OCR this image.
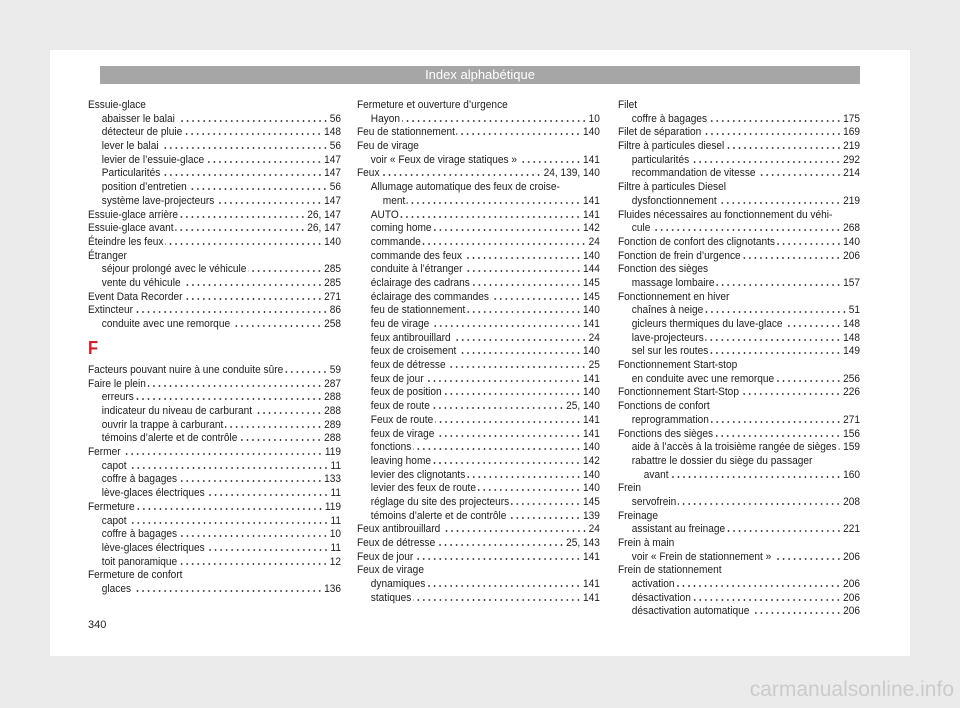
Index alphabétique
Essuie-glace
abaisser le balai	56
détecteur de pluie	148
lever le balai	56
levier de l’essuie-glace	147
Particularités	147
position d’entretien	56
système lave-projecteurs	147
Essuie-glace arrière	26, 147
Essuie-glace avant	26, 147
Éteindre les feux	140
Étranger
séjour prolongé avec le véhicule	285
vente du véhicule	285
Event Data Recorder	271
Extincteur	86
conduite avec une remorque	258
F
Facteurs pouvant nuire à une conduite sûre	59
Faire le plein	287
erreurs	288
indicateur du niveau de carburant	288
ouvrir la trappe à carburant	289
témoins d’alerte et de contrôle	288
Fermer	119
capot	11
coffre à bagages	133
lève-glaces électriques	11
Fermeture	119
capot	11
coffre à bagages	10
lève-glaces électriques	11
toit panoramique	12
Fermeture de confort
glaces	136
Fermeture et ouverture d’urgence
Hayon	10
Feu de stationnement	140
Feu de virage
voir « Feux de virage statiques »	141
Feux	24, 139, 140
Allumage automatique des feux de croise-
ment	141
AUTO	141
coming home	142
commande	24
commande des feux	140
conduite à l’étranger	144
éclairage des cadrans	145
éclairage des commandes	145
feu de stationnement	140
feu de virage	141
feux antibrouillard	24
feux de croisement	140
feux de détresse	25
feux de jour	141
feux de position	140
feux de route	25, 140
Feux de route	141
feux de virage	141
fonctions	140
leaving home	142
levier des clignotants	140
levier des feux de route	140
réglage du site des projecteurs	145
témoins d’alerte et de contrôle	139
Feux antibrouillard	24
Feux de détresse	25, 143
Feux de jour	141
Feux de virage
dynamiques	141
statiques	141
Filet
coffre à bagages	175
Filet de séparation	169
Filtre à particules diesel	219
particularités	292
recommandation de vitesse	214
Filtre à particules Diesel
dysfonctionnement	219
Fluides nécessaires au fonctionnement du véhi-
cule	268
Fonction de confort des clignotants	140
Fonction de frein d’urgence	206
Fonction des sièges
massage lombaire	157
Fonctionnement en hiver
chaînes à neige	51
gicleurs thermiques du lave-glace	148
lave-projecteurs	148
sel sur les routes	149
Fonctionnement Start-stop
en conduite avec une remorque	256
Fonctionnement Start-Stop	226
Fonctions de confort
reprogrammation	271
Fonctions des sièges	156
aide à l’accès à la troisième rangée de sièges 159
rabattre le dossier du siège du passager
avant	160
Frein
servofrein	208
Freinage
assistant au freinage	221
Frein à main
voir « Frein de stationnement »	206
Frein de stationnement
activation	206
désactivation	206
désactivation automatique	206
340
carmanualsonline.info
